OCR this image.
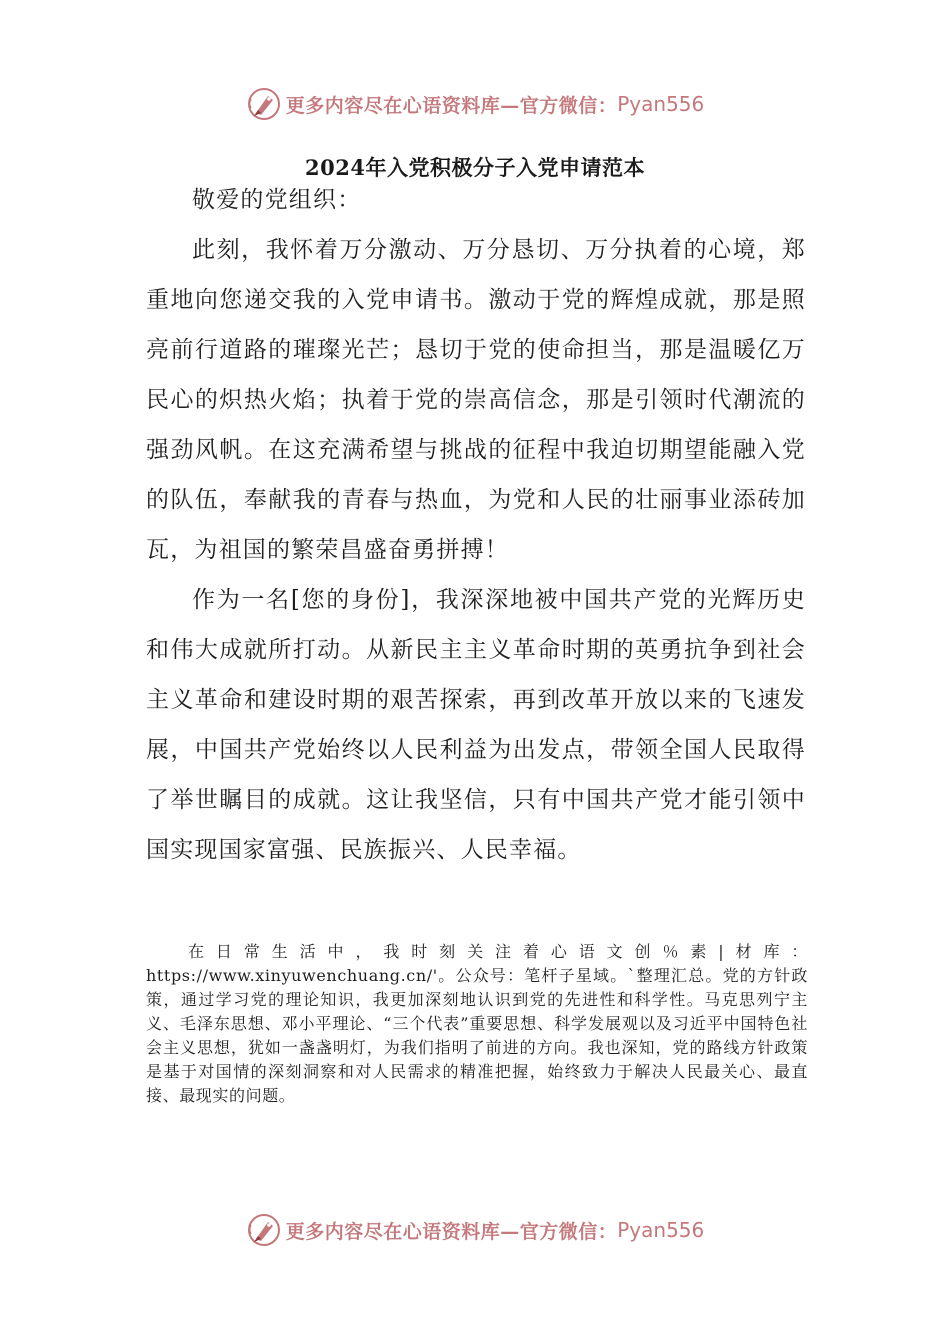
更多内容尽在心语资料库—官方微信： Pyan556
2024年入党积极分子入党申请范本

敬爱的党组织：

此刻，我怀着万分激动、万分恳切、万分执着的心境，郑重地向您递交我的入党申请书。激动于党的辉煌成就，那是照亮前行道路的璀璨光芒；恳切于党的使命担当，那是温暖亿万民心的炽热火焰；执着于党的崇高信念，那是引领时代潮流的强劲风帆。在这充满希望与挑战的征程中我迫切期望能融入党的队伍，奉献我的青春与热血，为党和人民的壮丽事业添砖加瓦，为祖国的繁荣昌盛奋勇拼搏！

作为一名[您的身份]，我深深地被中国共产党的光辉历史和伟大成就所打动。从新民主主义革命时期的英勇抗争到社会主义革命和建设时期的艰苦探索，再到改革开放以来的飞速发展，中国共产党始终以人民利益为出发点，带领全国人民取得了举世瞩目的成就。这让我坚信，只有中国共产党才能引领中国实现国家富强、民族振兴、人民幸福。

在日常生活中，我时刻关注着心语文创％素|材库：https://www.xinyuwenchuang.cn/'。公众号：笔杆子星域。`整理汇总。党的方针政策，通过学习党的理论知识，我更加深刻地认识到党的先进性和科学性。马克思列宁主义、毛泽东思想、邓小平理论、“三个代表”重要思想、科学发展观以及习近平中国特色社会主义思想，犹如一盏盏明灯，为我们指明了前进的方向。我也深知，党的路线方针政策是基于对国情的深刻洞察和对人民需求的精准把握，始终致力于解决人民最关心、最直接、最现实的问题。

更多内容尽在心语资料库—官方微信： Pyan556
